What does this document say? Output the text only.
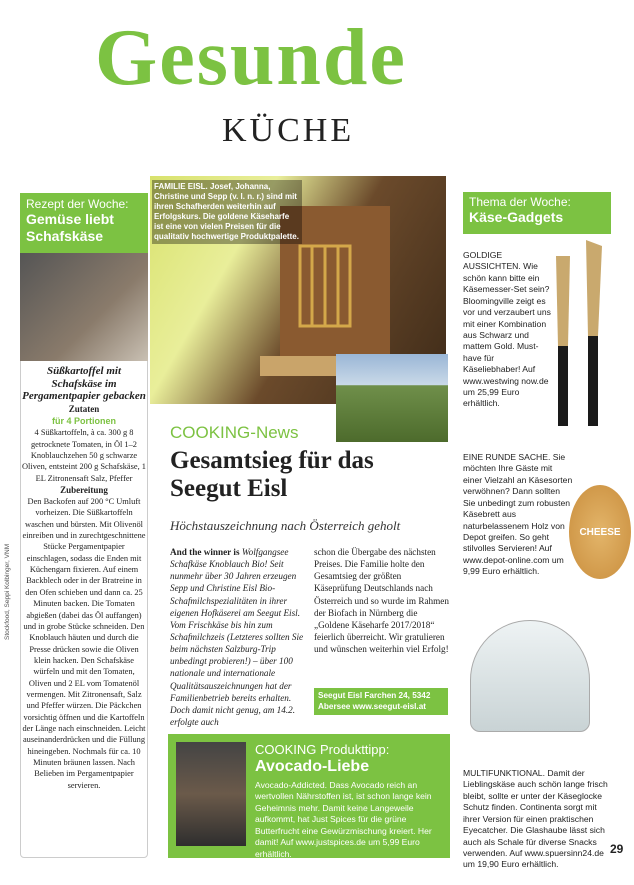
Gesunde
KÜCHE
Rezept der Woche:
Gemüse liebt Schafskäse
Süßkartoffel mit Schafskäse im Pergamentpapier gebacken
Zutaten
für 4 Portionen
4 Süßkartoffeln, à ca. 300 g 8 getrocknete Tomaten, in Öl 1–2 Knoblauchzehen 50 g schwarze Oliven, entsteint 200 g Schafskäse, 1 EL Zitronensaft Salz, Pfeffer
Zubereitung
Den Backofen auf 200 °C Umluft vorheizen. Die Süßkartoffeln waschen und bürsten. Mit Olivenöl einreiben und in zurechtgeschnittene Stücke Pergamentpapier einschlagen, sodass die Enden mit Küchengarn fixieren. Auf einem Backblech oder in der Bratreine in den Ofen schieben und dann ca. 25 Minuten backen. Die Tomaten abgießen (dabei das Öl auffangen) und in grobe Stücke schneiden. Den Knoblauch häuten und durch die Presse drücken sowie die Oliven klein hacken. Den Schafskäse würfeln und mit den Tomaten, Oliven und 2 EL vom Tomatenöl vermengen. Mit Zitronensaft, Salz und Pfeffer würzen. Die Päckchen vorsichtig öffnen und die Kartoffeln der Länge nach einschneiden. Leicht auseinanderdrücken und die Füllung hineingeben. Nochmals für ca. 10 Minuten bräunen lassen. Nach Belieben im Pergamentpapier servieren.
FAMILIE EISL. Josef, Johanna, Christine und Sepp (v. l. n. r.) sind mit ihren Schafherden weiterhin auf Erfolgskurs. Die goldene Käseharfe ist eine von vielen Preisen für die qualitativ hochwertige Produktpalette.
COOKING-News
Gesamtsieg für das Seegut Eisl
Höchstauszeichnung nach Österreich geholt
And the winner is Wolfgangsee Schafkäse Knoblauch Bio! Seit nunmehr über 30 Jahren erzeugen Sepp und Christine Eisl Bio-Schafmilchspezialitäten in ihrer eigenen Hofkäserei am Seegut Eisl. Vom Frischkäse bis hin zum Schafmilchzeis (Letzteres sollten Sie beim nächsten Salzburg-Trip unbedingt probieren!) – über 100 nationale und internationale Qualitätsauszeichnungen hat der Familienbetrieb bereits erhalten. Doch damit nicht genug, am 14.2. erfolgte auch
schon die Übergabe des nächsten Preises. Die Familie holte den Gesamtsieg der größten Käseprüfung Deutschlands nach Österreich und so wurde im Rahmen der Biofach in Nürnberg die „Goldene Käseharfe 2017/2018“ feierlich überreicht. Wir gratulieren und wünschen weiterhin viel Erfolg!
Seegut Eisl Farchen 24, 5342 Abersee www.seegut-eisl.at
COOKING Produkttipp:
Avocado-Liebe
Avocado-Addicted. Dass Avocado reich an wertvollen Nährstoffen ist, ist schon lange kein Geheimnis mehr. Damit keine Langeweile aufkommt, hat Just Spices für die grüne Butterfrucht eine Gewürzmischung kreiert. Her damit! Auf www.justspices.de um 5,99 Euro erhältlich.
Thema der Woche:
Käse-Gadgets
GOLDIGE AUSSICHTEN. Wie schön kann bitte ein Käsemesser-Set sein? Bloomingville zeigt es vor und verzaubert uns mit einer Kombination aus Schwarz und mattem Gold. Must-have für Käseliebhaber! Auf www.westwing now.de um 25,99 Euro erhältlich.
EINE RUNDE SACHE. Sie möchten Ihre Gäste mit einer Vielzahl an Käsesorten verwöhnen? Dann sollten Sie unbedingt zum robusten Käsebrett aus naturbelassenem Holz von Depot greifen. So geht stilvolles Servieren! Auf www.depot-online.com um 9,99 Euro erhältlich.
CHEESE
MULTIFUNKTIONAL. Damit der Lieblingskäse auch schön lange frisch bleibt, sollte er unter der Käseglocke Schutz finden. Continenta sorgt mit ihrer Version für einen praktischen Eyecatcher. Die Glashaube lässt sich auch als Schale für diverse Snacks verwenden. Auf www.spuersinn24.de um 19,90 Euro erhältlich.
Stockfood, Seppi Kolbinger, VNM
29
